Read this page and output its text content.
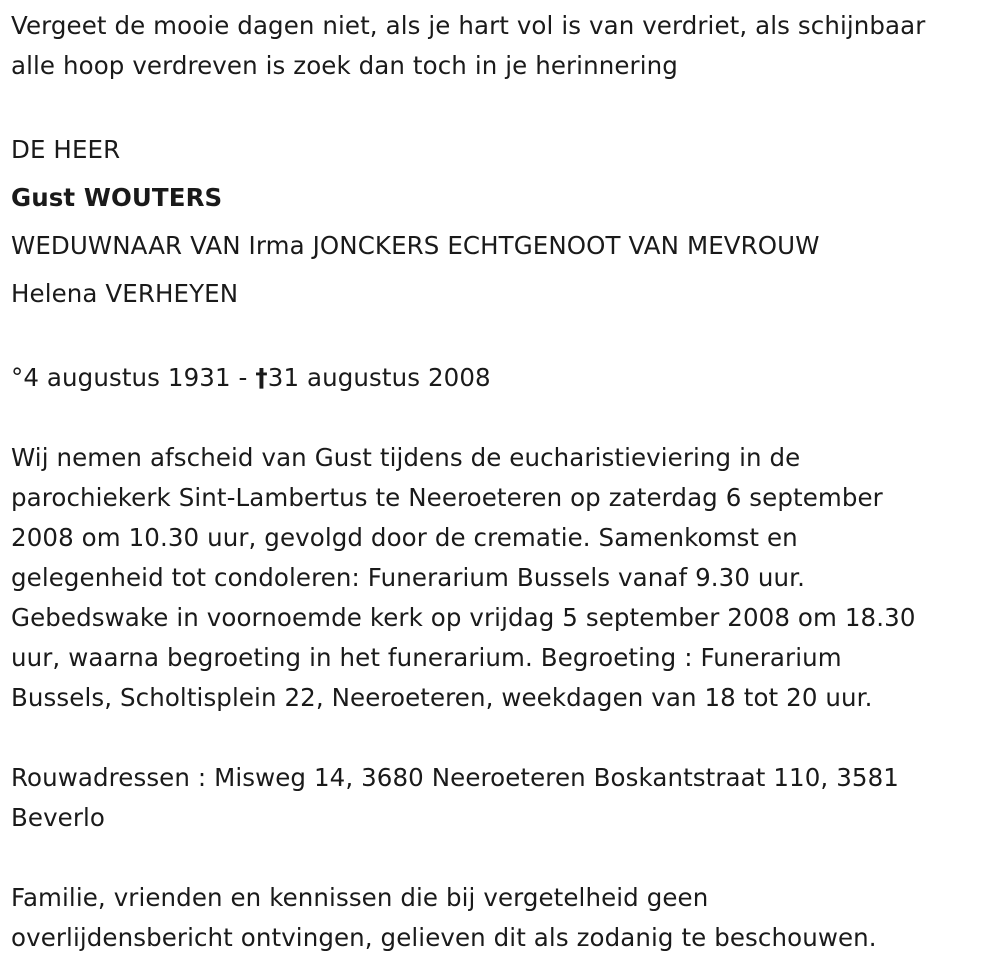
Vergeet de mooie dagen niet, als je hart vol is van verdriet, als schijnbaar
alle hoop verdreven is zoek dan toch in je herinnering
DE HEER
Gust WOUTERS
WEDUWNAAR VAN Irma JONCKERS ECHTGENOOT VAN MEVROUW
Helena VERHEYEN
°4 augustus 1931 - †31 augustus 2008
Wij nemen afscheid van Gust tijdens de eucharistieviering in de
parochiekerk Sint-Lambertus te Neeroeteren op zaterdag 6 september
2008 om 10.30 uur, gevolgd door de crematie. Samenkomst en
gelegenheid tot condoleren: Funerarium Bussels vanaf 9.30 uur.
Gebedswake in voornoemde kerk op vrijdag 5 september 2008 om 18.30
uur, waarna begroeting in het funerarium. Begroeting : Funerarium
Bussels, Scholtisplein 22, Neeroeteren, weekdagen van 18 tot 20 uur.
Rouwadressen : Misweg 14, 3680 Neeroeteren Boskantstraat 110, 3581
Beverlo
Familie, vrienden en kennissen die bij vergetelheid geen
overlijdensbericht ontvingen, gelieven dit als zodanig te beschouwen.
